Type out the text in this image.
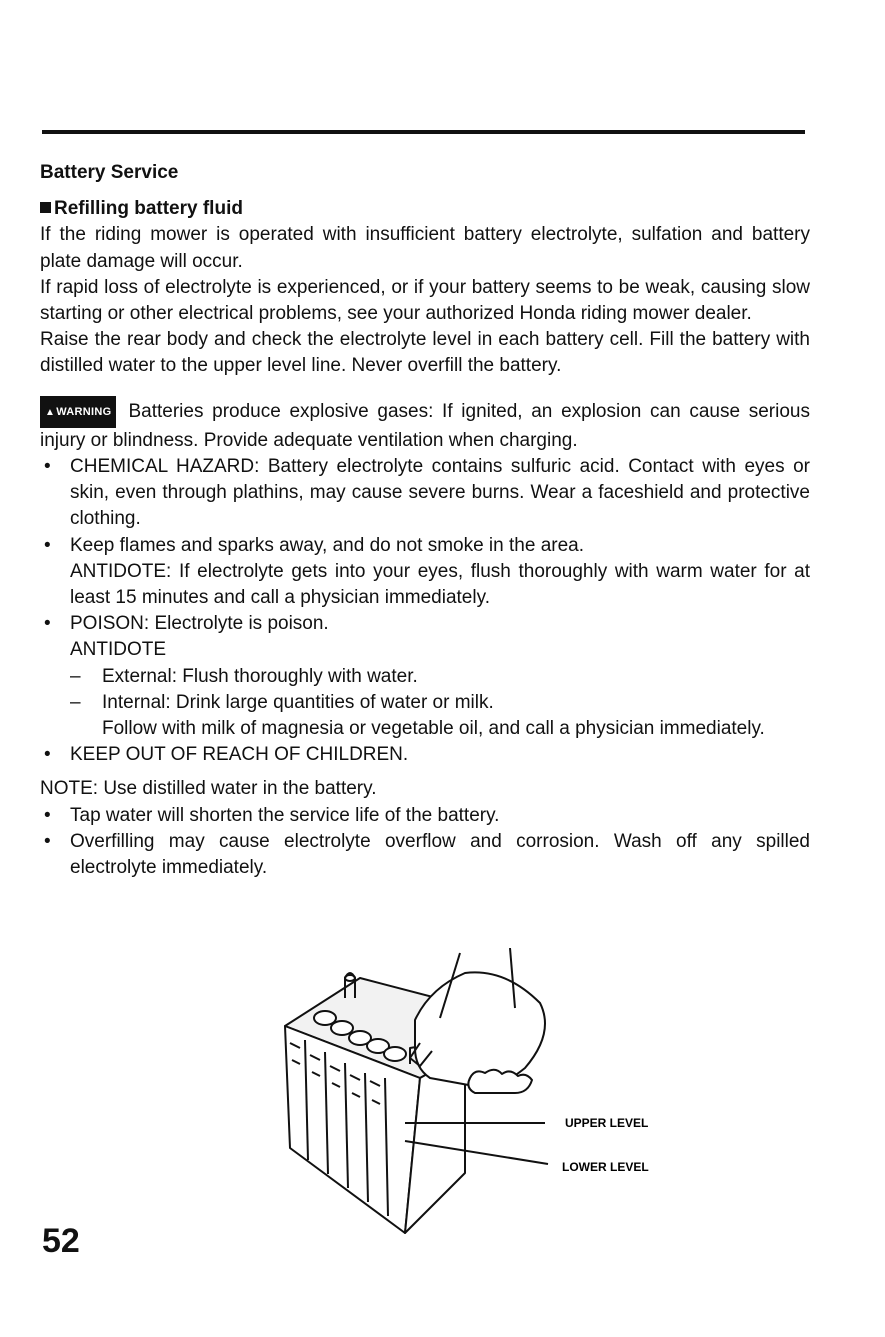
Battery Service
Refilling battery fluid

If the riding mower is operated with insufficient battery electrolyte, sulfation and battery plate damage will occur.

If rapid loss of electrolyte is experienced, or if your battery seems to be weak, causing slow starting or other electrical problems, see your authorized Honda riding mower dealer.

Raise the rear body and check the electrolyte level in each battery cell. Fill the battery with distilled water to the upper level line. Never overfill the battery.

▲WARNING Batteries produce explosive gases: If ignited, an explosion can cause serious injury or blindness. Provide adequate ventilation when charging.

• CHEMICAL HAZARD: Battery electrolyte contains sulfuric acid. Contact with eyes or skin, even through plathins, may cause severe burns. Wear a faceshield and protective clothing.
• Keep flames and sparks away, and do not smoke in the area.
ANTIDOTE: If electrolyte gets into your eyes, flush thoroughly with warm water for at least 15 minutes and call a physician immediately.
• POISON: Electrolyte is poison.
ANTIDOTE
– External: Flush thoroughly with water.
– Internal: Drink large quantities of water or milk.
Follow with milk of magnesia or vegetable oil, and call a physician immediately.
• KEEP OUT OF REACH OF CHILDREN.

NOTE: Use distilled water in the battery.

• Tap water will shorten the service life of the battery.
• Overfilling may cause electrolyte overflow and corrosion. Wash off any spilled electrolyte immediately.
UPPER LEVEL
LOWER LEVEL
52
